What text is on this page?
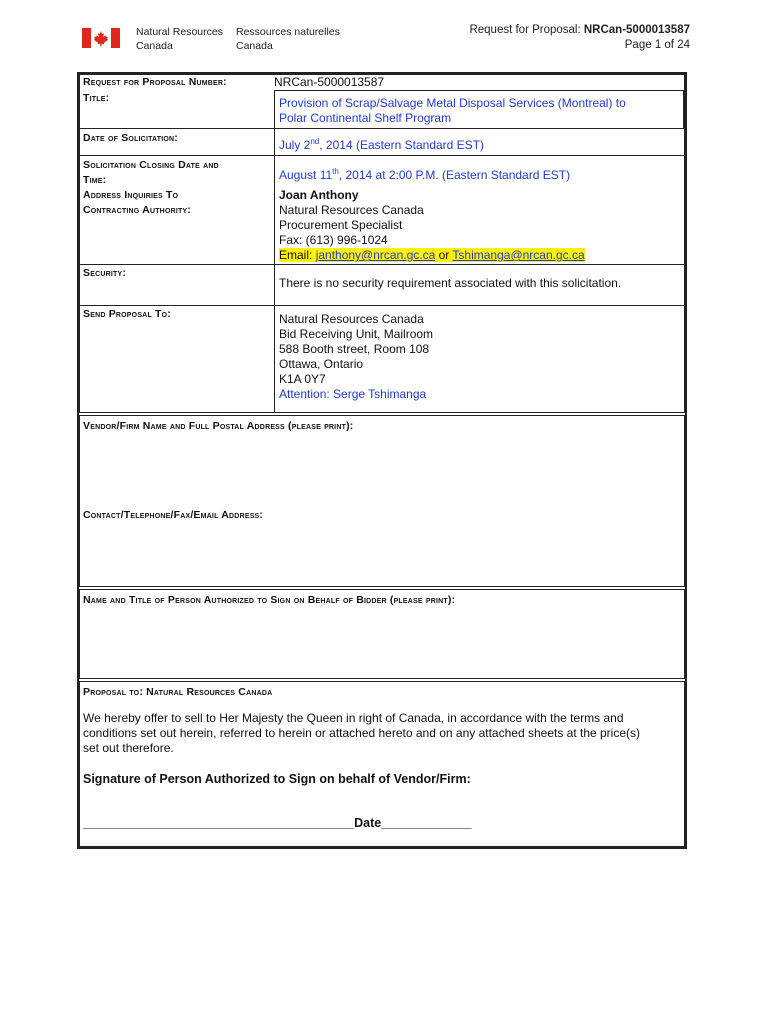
Natural Resources
Canada
Ressources naturelles
Canada
Request for Proposal: NRCan-5000013587
Page 1 of 24
Request for Proposal Number:	NRCan-5000013587
Title:	Provision of Scrap/Salvage Metal Disposal Services (Montreal) to
Polar Continental Shelf Program
Date of Solicitation:	July 2nd, 2014 (Eastern Standard EST)
Solicitation Closing Date and
Time:	August 11th, 2014 at 2:00 P.M. (Eastern Standard EST)
Address Inquiries To
Contracting Authority:
Joan Anthony
Natural Resources Canada
Procurement Specialist
Fax: (613) 996-1024
Email: janthony@nrcan.gc.ca or Tshimanga@nrcan.gc.ca
Security:
There is no security requirement associated with this solicitation.
Send Proposal To:	Natural Resources Canada
Bid Receiving Unit, Mailroom
588 Booth street, Room 108
Ottawa, Ontario
K1A 0Y7
Attention: Serge Tshimanga
Vendor/Firm Name and Full Postal Address (please print):
Contact/Telephone/Fax/Email Address:
Name and Title of Person Authorized to Sign on Behalf of Bidder (please print):
Proposal to: Natural Resources Canada
We hereby offer to sell to Her Majesty the Queen in right of Canada, in accordance with the terms and
conditions set out herein, referred to herein or attached hereto and on any attached sheets at the price(s)
set out therefore.
Signature of Person Authorized to Sign on behalf of Vendor/Firm:
_______________________________________Date_____________
